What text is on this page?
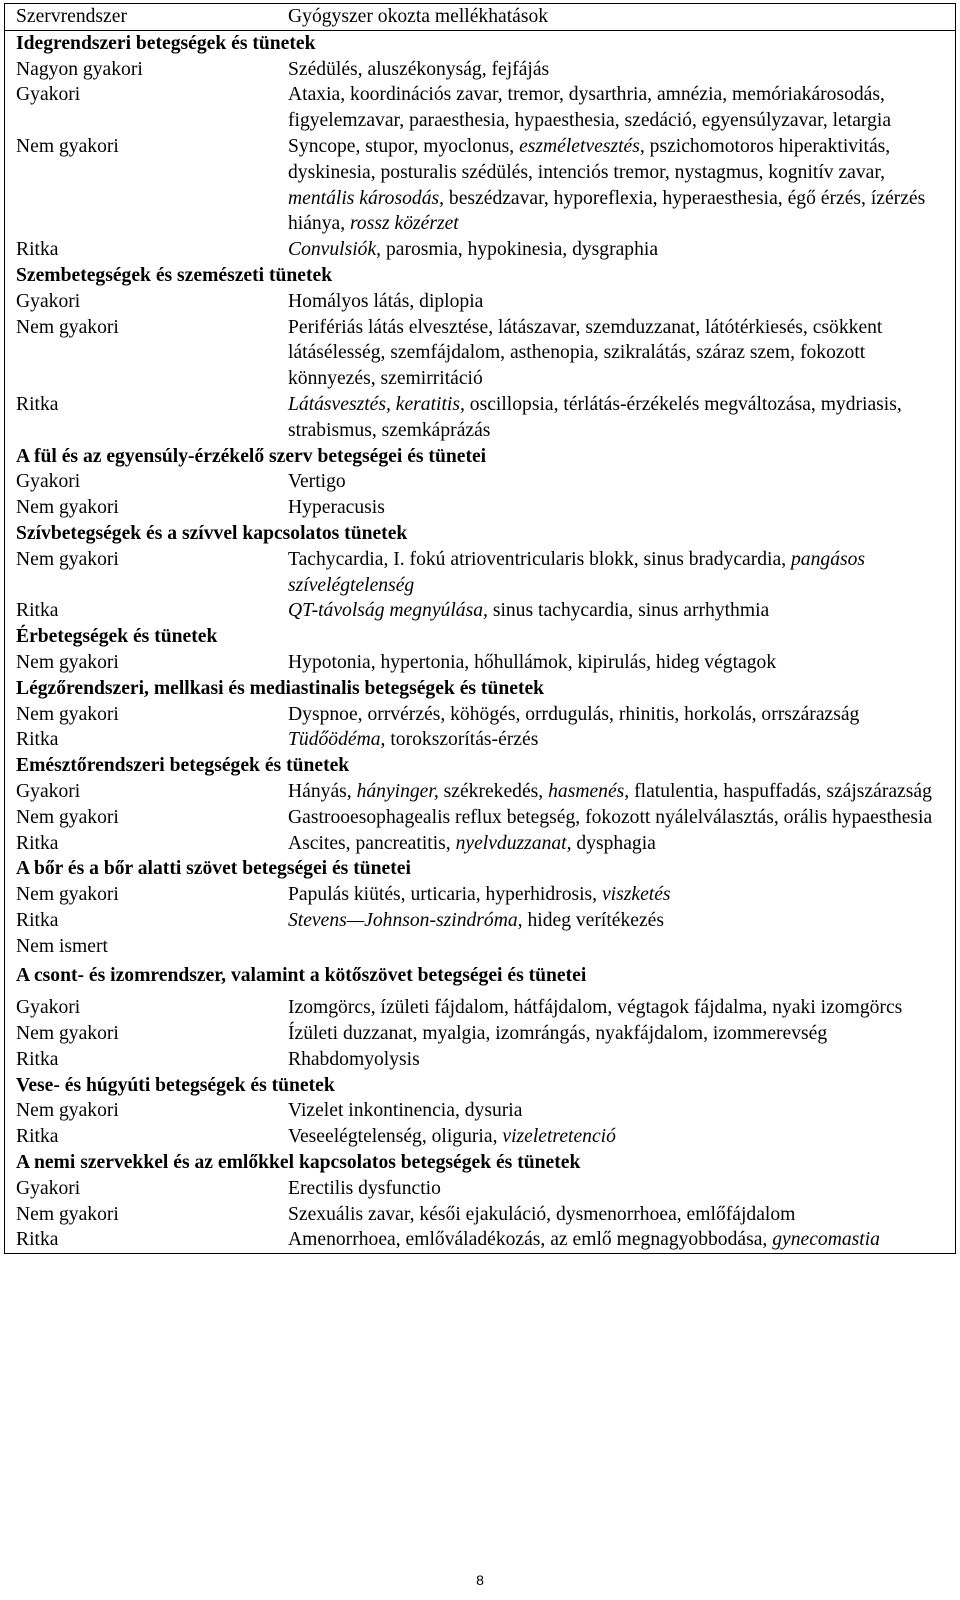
Szervrendszer	Gyógyszer okozta mellékhatások
Idegrendszeri betegségek és tünetek	
Nagyon gyakori	Szédülés, aluszékonyság, fejfájás
Gyakori	Ataxia, koordinációs zavar, tremor, dysarthria, amnézia, memóriakárosodás, figyelemzavar, paraesthesia, hypaesthesia, szedáció, egyensúlyzavar, letargia
Nem gyakori	Syncope, stupor, myoclonus, eszméletvesztés, pszichomotoros hiperaktivitás, dyskinesia, posturalis szédülés, intenciós tremor, nystagmus, kognitív zavar, mentális károsodás, beszédzavar, hyporeflexia, hyperaesthesia, égő érzés, ízérzés hiánya, rossz közérzet
Ritka	Convulsiók, parosmia, hypokinesia, dysgraphia
Szembetegségek és szemészeti tünetek	
Gyakori	Homályos látás, diplopia
Nem gyakori	Perifériás látás elvesztése, látászavar, szemduzzanat, látótérkiesés, csökkent látásélesség, szemfájdalom, asthenopia, szikralátás, száraz szem, fokozott könnyezés, szemirritáció
Ritka	Látásvesztés, keratitis, oscillopsia, térlátás-érzékelés megváltozása, mydriasis, strabismus, szemkáprázás
A fül és az egyensúly-érzékelő szerv betegségei és tünetei	
Gyakori	Vertigo
Nem gyakori	Hyperacusis
Szívbetegségek és a szívvel kapcsolatos tünetek	
Nem gyakori	Tachycardia, I. fokú atrioventricularis blokk, sinus bradycardia, pangásos szívelégtelenség
Ritka	QT-távolság megnyúlása, sinus tachycardia, sinus arrhythmia
Érbetegségek és tünetek	
Nem gyakori	Hypotonia, hypertonia, hőhullámok, kipirulás, hideg végtagok
Légzőrendszeri, mellkasi és mediastinalis betegségek és tünetek	
Nem gyakori	Dyspnoe, orrvérzés, köhögés, orrdugulás, rhinitis, horkolás, orrszárazság
Ritka	Tüdőödéma, torokszorítás-érzés
Emésztőrendszeri betegségek és tünetek	
Gyakori	Hányás, hányinger, székrekedés, hasmenés, flatulentia, haspuffadás, szájszárazság
Nem gyakori	Gastrooesophagealis reflux betegség, fokozott nyálelválasztás, orális hypaesthesia
Ritka	Ascites, pancreatitis, nyelvduzzanat, dysphagia
A bőr és a bőr alatti szövet betegségei és tünetei	
Nem gyakori	Papulás kiütés, urticaria, hyperhidrosis, viszketés
Ritka	Stevens—Johnson-szindróma, hideg verítékezés
Nem ismert	
A csont- és izomrendszer, valamint a kötőszövet betegségei és tünetei	
Gyakori	Izomgörcs, ízületi fájdalom, hátfájdalom, végtagok fájdalma, nyaki izomgörcs
Nem gyakori	Ízületi duzzanat, myalgia, izomrángás, nyakfájdalom, izommerevség
Ritka	Rhabdomyolysis
Vese- és húgyúti betegségek és tünetek	
Nem gyakori	Vizelet inkontinencia, dysuria
Ritka	Veseelégtelenség, oliguria, vizeletretenció
A nemi szervekkel és az emlőkkel kapcsolatos betegségek és tünetek	
Gyakori	Erectilis dysfunctio
Nem gyakori	Szexuális zavar, késői ejakuláció, dysmenorrhoea, emlőfájdalom
Ritka	Amenorrhoea, emlőváladékozás, az emlő megnagyobbodása, gynecomastia
8
